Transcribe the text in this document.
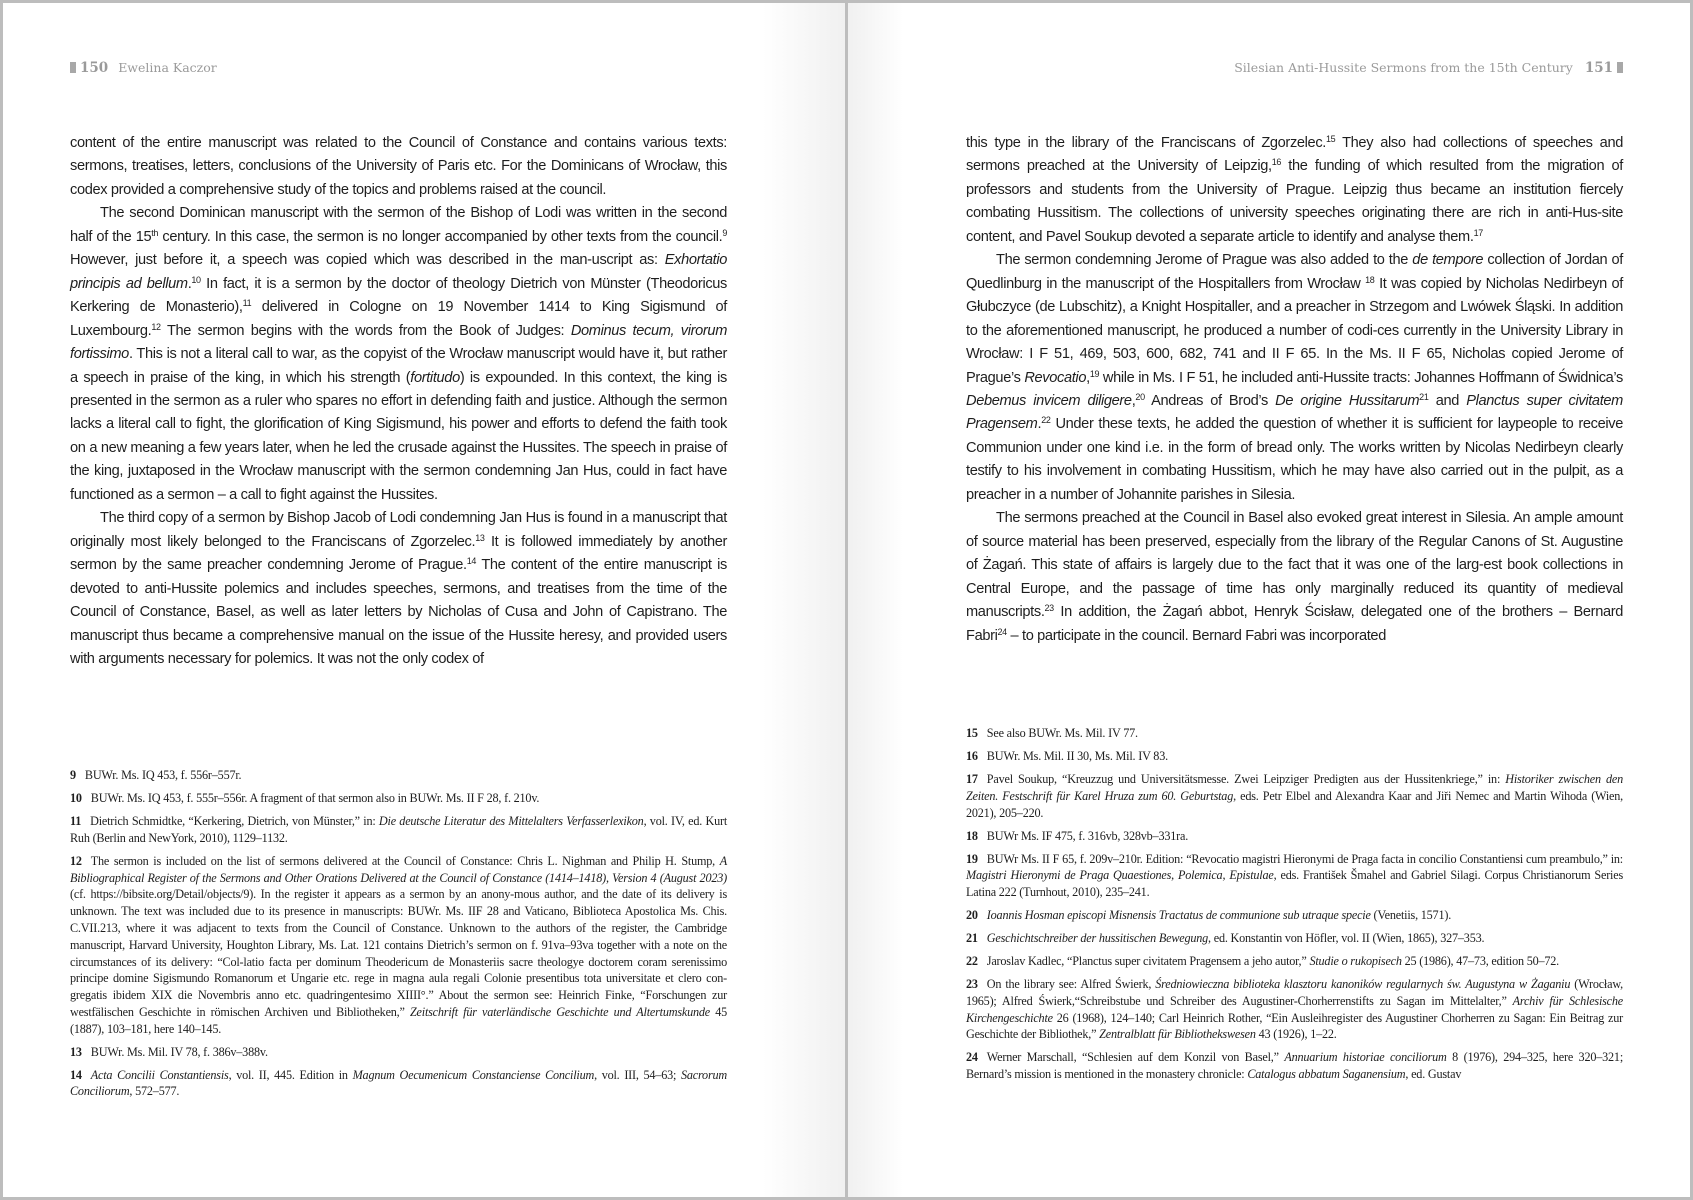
150 Ewelina Kaczor

content of the entire manuscript was related to the Council of Constance and contains various texts: sermons, treatises, letters, conclusions of the University of Paris etc. For the Dominicans of Wrocław, this codex provided a comprehensive study of the topics and problems raised at the council.

The second Dominican manuscript with the sermon of the Bishop of Lodi was written in the second half of the 15th century. In this case, the sermon is no longer accompanied by other texts from the council.$^9$ However, just before it, a speech was copied which was described in the man-uscript as: Exhortatio principis ad bellum.$^{10}$ In fact, it is a sermon by the doctor of theology Dietrich von Münster (Theodoricus Kerkering de Monasterio),$^{11}$ delivered in Cologne on 19 November 1414 to King Sigismund of Luxembourg.$^{12}$ The sermon begins with the words from the Book of Judges: Dominus tecum, virorum fortissimo. This is not a literal call to war, as the copyist of the Wrocław manuscript would have it, but rather a speech in praise of the king, in which his strength (fortitudo) is expounded. In this context, the king is presented in the sermon as a ruler who spares no effort in defending faith and justice. Although the sermon lacks a literal call to fight, the glorification of King Sigismund, his power and efforts to defend the faith took on a new meaning a few years later, when he led the crusade against the Hussites. The speech in praise of the king, juxtaposed in the Wrocław manuscript with the sermon condemning Jan Hus, could in fact have functioned as a sermon – a call to fight against the Hussites.

The third copy of a sermon by Bishop Jacob of Lodi condemning Jan Hus is found in a manuscript that originally most likely belonged to the Franciscans of Zgorzelec.$^{13}$ It is followed immediately by another sermon by the same preacher condemning Jerome of Prague.$^{14}$ The content of the entire manuscript is devoted to anti-Hussite polemics and includes speeches, sermons, and treatises from the time of the Council of Constance, Basel, as well as later letters by Nicholas of Cusa and John of Capistrano. The manuscript thus became a comprehensive manual on the issue of the Hussite heresy, and provided users with arguments necessary for polemics. It was not the only codex of

9 BUWr. Ms. IQ 453, f. 556r–557r.
10 BUWr. Ms. IQ 453, f. 555r–556r. A fragment of that sermon also in BUWr. Ms. II F 28, f. 210v.
11 Dietrich Schmidtke, “Kerkering, Dietrich, von Münster,” in: Die deutsche Literatur des Mittelalters Verfasserlexikon, vol. IV, ed. Kurt Ruh (Berlin and NewYork, 2010), 1129–1132.
12 The sermon is included on the list of sermons delivered at the Council of Constance: Chris L. Nighman and Philip H. Stump, A Bibliographical Register of the Sermons and Other Orations Delivered at the Council of Constance (1414–1418), Version 4 (August 2023) (cf. https://bibsite.org/Detail/objects/9). In the register it appears as a sermon by an anony-mous author, and the date of its delivery is unknown. The text was included due to its presence in manuscripts: BUWr. Ms. IIF 28 and Vaticano, Biblioteca Apostolica Ms. Chis. C.VII.213, where it was adjacent to texts from the Council of Constance. Unknown to the authors of the register, the Cambridge manuscript, Harvard University, Houghton Library, Ms. Lat. 121 contains Dietrich’s sermon on f. 91va–93va together with a note on the circumstances of its delivery: “Col-latio facta per dominum Theodericum de Monasteriis sacre theologye doctorem coram serenissimo principe domine Sigismundo Romanorum et Ungarie etc. rege in magna aula regali Colonie presentibus tota universitate et clero con-gregatis ibidem XIX die Novembris anno etc. quadringentesimo XIIII°.” About the sermon see: Heinrich Finke, “Forschungen zur westfälischen Geschichte in römischen Archiven und Bibliotheken,” Zeitschrift für vaterländische Geschichte und Altertumskunde 45 (1887), 103–181, here 140–145.
13 BUWr. Ms. Mil. IV 78, f. 386v–388v.
14 Acta Concilii Constantiensis, vol. II, 445. Edition in Magnum Oecumenicum Constanciense Concilium, vol. III, 54–63; Sacrorum Conciliorum, 572–577.
Silesian Anti-Hussite Sermons from the 15th Century 151

this type in the library of the Franciscans of Zgorzelec.$^{15}$ They also had collections of speeches and sermons preached at the University of Leipzig,$^{16}$ the funding of which resulted from the migration of professors and students from the University of Prague. Leipzig thus became an institution fiercely combating Hussitism. The collections of university speeches originating there are rich in anti-Hus-site content, and Pavel Soukup devoted a separate article to identify and analyse them.$^{17}$

The sermon condemning Jerome of Prague was also added to the de tempore collection of Jordan of Quedlinburg in the manuscript of the Hospitallers from Wrocław $^{18}$ It was copied by Nicholas Nedirbeyn of Głubczyce (de Lubschitz), a Knight Hospitaller, and a preacher in Strzegom and Lwówek Śląski. In addition to the aforementioned manuscript, he produced a number of codi-ces currently in the University Library in Wrocław: I F 51, 469, 503, 600, 682, 741 and II F 65. In the Ms. II F 65, Nicholas copied Jerome of Prague’s Revocatio,$^{19}$ while in Ms. I F 51, he included anti-Hussite tracts: Johannes Hoffmann of Świdnica’s Debemus invicem diligere,$^{20}$ Andreas of Brod’s De origine Hussitarum$^{21}$ and Planctus super civitatem Pragensem.$^{22}$ Under these texts, he added the question of whether it is sufficient for laypeople to receive Communion under one kind i.e. in the form of bread only. The works written by Nicolas Nedirbeyn clearly testify to his involvement in combating Hussitism, which he may have also carried out in the pulpit, as a preacher in a number of Johannite parishes in Silesia.

The sermons preached at the Council in Basel also evoked great interest in Silesia. An ample amount of source material has been preserved, especially from the library of the Regular Canons of St. Augustine of Żagań. This state of affairs is largely due to the fact that it was one of the larg-est book collections in Central Europe, and the passage of time has only marginally reduced its quantity of medieval manuscripts.$^{23}$ In addition, the Żagań abbot, Henryk Ścisław, delegated one of the brothers – Bernard Fabri$^{24}$ – to participate in the council. Bernard Fabri was incorporated

15 See also BUWr. Ms. Mil. IV 77.
16 BUWr. Ms. Mil. II 30, Ms. Mil. IV 83.
17 Pavel Soukup, “Kreuzzug und Universitätsmesse. Zwei Leipziger Predigten aus der Hussitenkriege,” in: Historiker zwischen den Zeiten. Festschrift für Karel Hruza zum 60. Geburtstag, eds. Petr Elbel and Alexandra Kaar and Jiři Nemec and Martin Wihoda (Wien, 2021), 205–220.
18 BUWr Ms. IF 475, f. 316vb, 328vb–331ra.
19 BUWr Ms. II F 65, f. 209v–210r. Edition: “Revocatio magistri Hieronymi de Praga facta in concilio Constantiensi cum preambulo,” in: Magistri Hieronymi de Praga Quaestiones, Polemica, Epistulae, eds. František Šmahel and Gabriel Silagi. Corpus Christianorum Series Latina 222 (Turnhout, 2010), 235–241.
20 Ioannis Hosman episcopi Misnensis Tractatus de communione sub utraque specie (Venetiis, 1571).
21 Geschichtschreiber der hussitischen Bewegung, ed. Konstantin von Höfler, vol. II (Wien, 1865), 327–353.
22 Jaroslav Kadlec, “Planctus super civitatem Pragensem a jeho autor,” Studie o rukopisech 25 (1986), 47–73, edition 50–72.
23 On the library see: Alfred Świerk, Średniowieczna biblioteka klasztoru kanoników regularnych św. Augustyna w Żaganiu (Wrocław, 1965); Alfred Świerk,“Schreibstube und Schreiber des Augustiner-Chorherrenstifts zu Sagan im Mittelalter,” Archiv für Schlesische Kirchengeschichte 26 (1968), 124–140; Carl Heinrich Rother, “Ein Ausleihregister des Augustiner Chorherren zu Sagan: Ein Beitrag zur Geschichte der Bibliothek,” Zentralblatt für Bibliothekswesen 43 (1926), 1–22.
24 Werner Marschall, “Schlesien auf dem Konzil von Basel,” Annuarium historiae conciliorum 8 (1976), 294–325, here 320–321; Bernard’s mission is mentioned in the monastery chronicle: Catalogus abbatum Saganensium, ed. Gustav
